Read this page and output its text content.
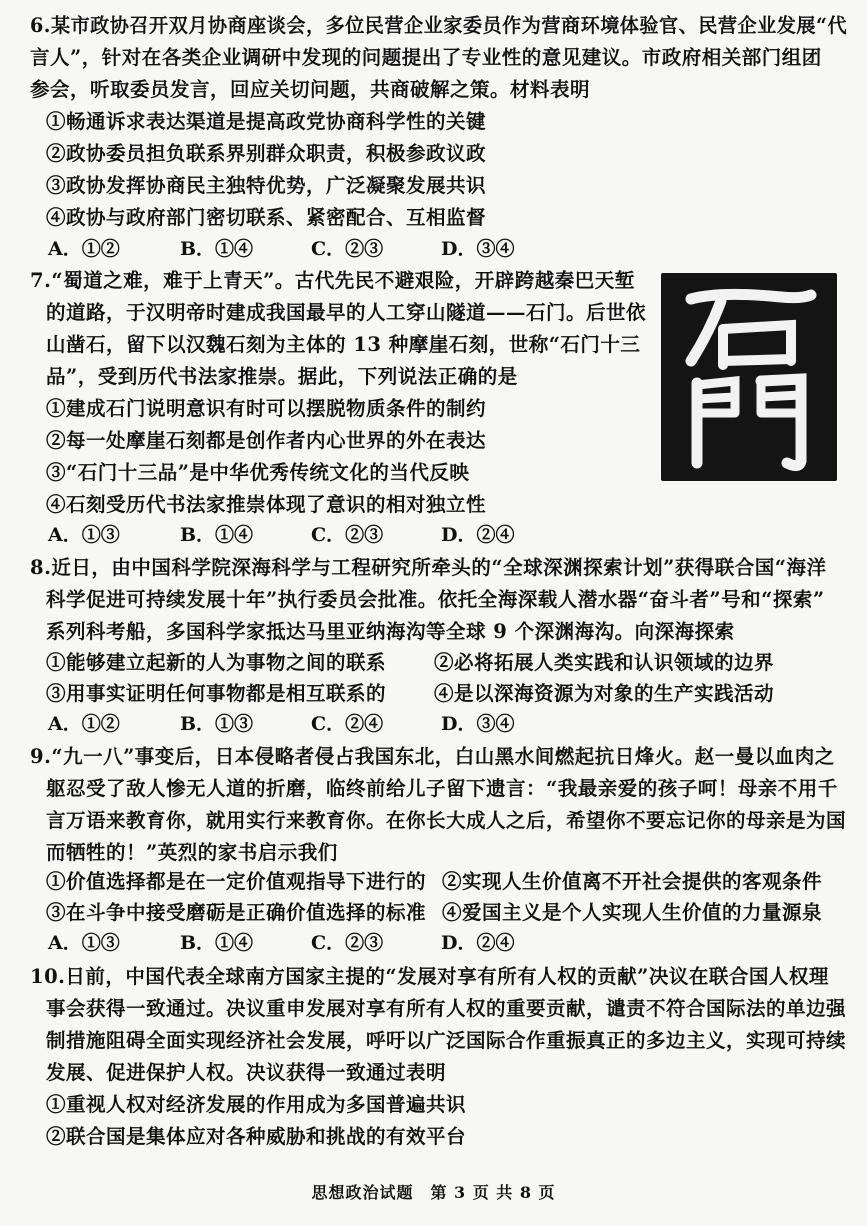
6.某市政协召开双月协商座谈会，多位民营企业家委员作为营商环境体验官、民营企业发展“代
言人”，针对在各类企业调研中发现的问题提出了专业性的意见建议。市政府相关部门组团
参会，听取委员发言，回应关切问题，共商破解之策。材料表明
①畅通诉求表达渠道是提高政党协商科学性的关键
②政协委员担负联系界别群众职责，积极参政议政
③政协发挥协商民主独特优势，广泛凝聚发展共识
④政协与政府部门密切联系、紧密配合、互相监督
A．①②	B．①④	C．②③	D．③④
7.“蜀道之难，难于上青天”。古代先民不避艰险，开辟跨越秦巴天堑
的道路，于汉明帝时建成我国最早的人工穿山隧道——石门。后世依
山凿石，留下以汉魏石刻为主体的 13 种摩崖石刻，世称“石门十三
品”，受到历代书法家推崇。据此，下列说法正确的是
①建成石门说明意识有时可以摆脱物质条件的制约
②每一处摩崖石刻都是创作者内心世界的外在表达
③“石门十三品”是中华优秀传统文化的当代反映
④石刻受历代书法家推崇体现了意识的相对独立性
A．①③	B．①④	C．②③	D．②④
8.近日，由中国科学院深海科学与工程研究所牵头的“全球深渊探索计划”获得联合国“海洋
科学促进可持续发展十年”执行委员会批准。依托全海深载人潜水器“奋斗者”号和“探索”
系列科考船，多国科学家抵达马里亚纳海沟等全球 9 个深渊海沟。向深海探索
①能够建立起新的人为事物之间的联系 ②必将拓展人类实践和认识领域的边界
③用事实证明任何事物都是相互联系的 ④是以深海资源为对象的生产实践活动
A．①②	B．①③	C．②④	D．③④
9.“九一八”事变后，日本侵略者侵占我国东北，白山黑水间燃起抗日烽火。赵一曼以血肉之
躯忍受了敌人惨无人道的折磨，临终前给儿子留下遗言：“我最亲爱的孩子呵！母亲不用千
言万语来教育你，就用实行来教育你。在你长大成人之后，希望你不要忘记你的母亲是为国
而牺牲的！”英烈的家书启示我们
①价值选择都是在一定价值观指导下进行的 ②实现人生价值离不开社会提供的客观条件
③在斗争中接受磨砺是正确价值选择的标准 ④爱国主义是个人实现人生价值的力量源泉
A．①③	B．①④	C．②③	D．②④
10.日前，中国代表全球南方国家主提的“发展对享有所有人权的贡献”决议在联合国人权理
事会获得一致通过。决议重申发展对享有所有人权的重要贡献，谴责不符合国际法的单边强
制措施阻碍全面实现经济社会发展，呼吁以广泛国际合作重振真正的多边主义，实现可持续
发展、促进保护人权。决议获得一致通过表明
①重视人权对经济发展的作用成为多国普遍共识
②联合国是集体应对各种威胁和挑战的有效平台
思想政治试题　第 3 页 共 8 页
